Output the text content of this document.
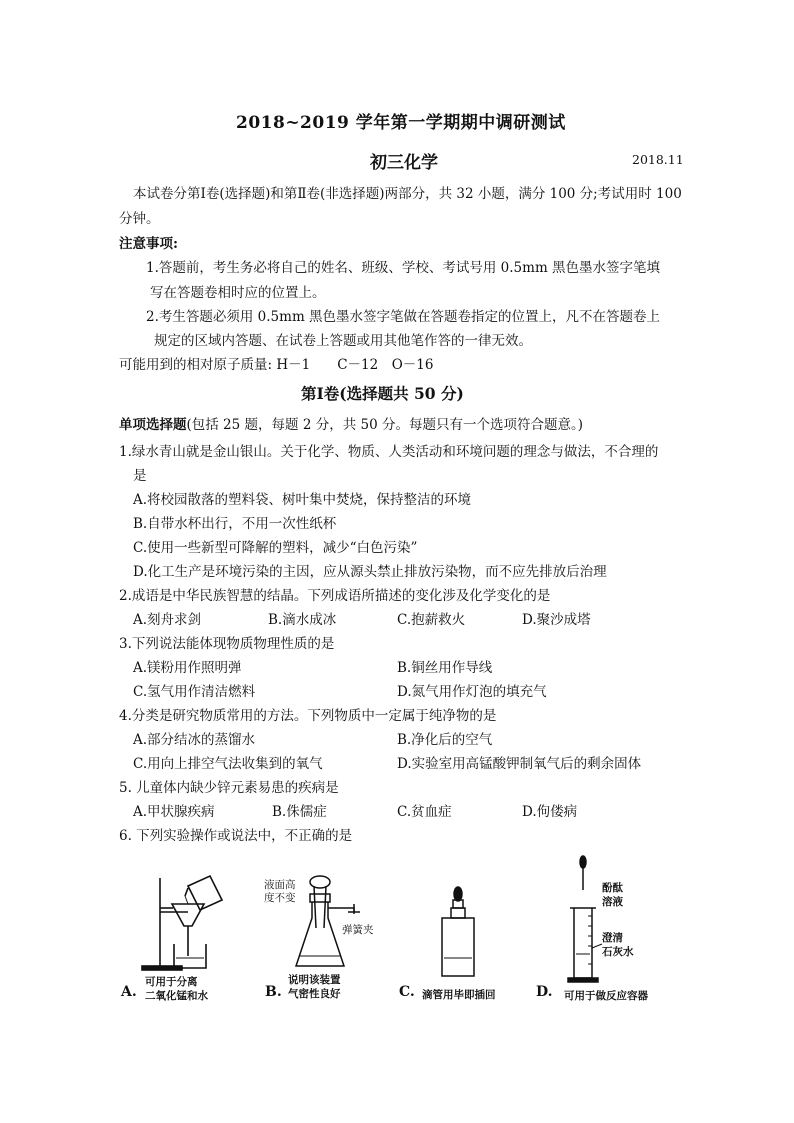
2018~2019 学年第一学期期中调研测试
初三化学	2018.11
本试卷分第Ⅰ卷(选择题)和第Ⅱ卷(非选择题)两部分，共 32 小题，满分 100 分;考试用时 100
分钟。
注意事项:
1.答题前，考生务必将自己的姓名、班级、学校、考试号用 0.5mm 黑色墨水签字笔填
写在答题卷相时应的位置上。
2.考生答题必须用 0.5mm 黑色墨水签字笔做在答题卷指定的位置上，凡不在答题卷上
规定的区域内答题、在试卷上答题或用其他笔作答的一律无效。
可能用到的相对原子质量: H－1　　C－12　O－16
第Ⅰ卷(选择题共 50 分)
单项选择题(包括 25 题，每题 2 分，共 50 分。每题只有一个选项符合题意。)
1.绿水青山就是金山银山。关于化学、物质、人类活动和环境问题的理念与做法，不合理的
是
A.将校园散落的塑料袋、树叶集中焚烧，保持整洁的环境
B.自带水杯出行，不用一次性纸杯
C.使用一些新型可降解的塑料，减少“白色污染”
D.化工生产是环境污染的主因，应从源头禁止排放污染物，而不应先排放后治理
2.成语是中华民族智慧的结晶。下列成语所描述的变化涉及化学变化的是
A.刻舟求剑	B.滴水成冰	C.抱薪救火	D.聚沙成塔
3.下列说法能体现物质物理性质的是
A.镁粉用作照明弹	B.铜丝用作导线
C.氢气用作清洁燃料	D.氮气用作灯泡的填充气
4.分类是研究物质常用的方法。下列物质中一定属于纯净物的是
A.部分结冰的蒸馏水	B.净化后的空气
C.用向上排空气法收集到的氧气	D.实验室用高锰酸钾制氧气后的剩余固体
5. 儿童体内缺少锌元素易患的疾病是
A.甲状腺疾病	B.侏儒症	C.贫血症	D.佝偻病
6. 下列实验操作或说法中，不正确的是
A.
可用于分离
二氧化锰和水
液面高
度不变
弹簧夹
B.
说明该装置
气密性良好	C. 滴管用毕即插回
酚酞
溶液
澄清
石灰水
D. 可用于做反应容器
